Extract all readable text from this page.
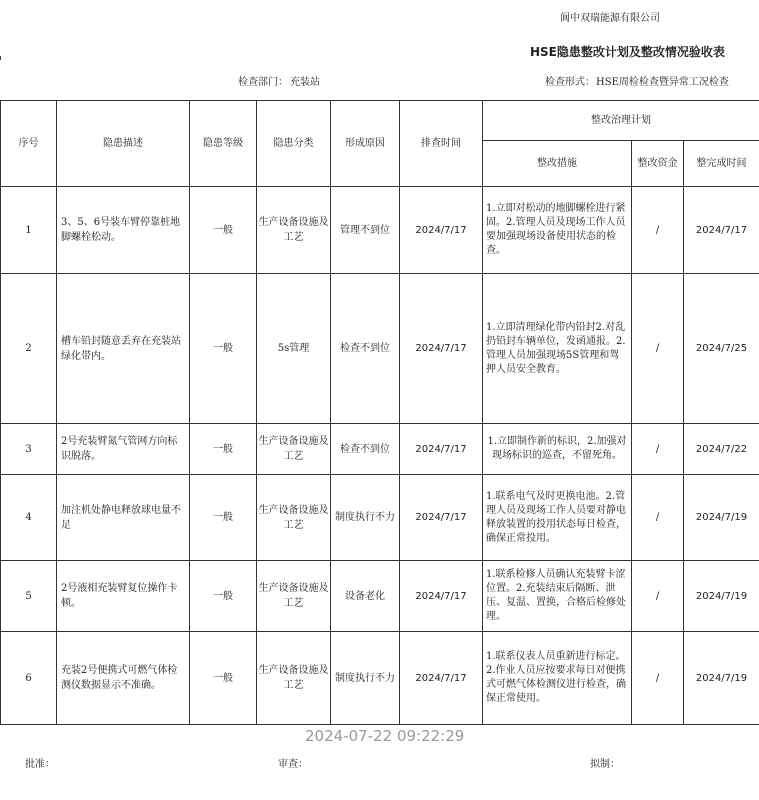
阆中双瑞能源有限公司
HSE隐患整改计划及整改情况验收表
检查部门： 充装站	检查形式： HSE周检检查暨异常工况检查
序号	隐患描述	隐患等级	隐患分类	形成原因	排查时间	整改治理计划		
						整改措施	整改资金	整完成时间
1	3、5、6号装车臂停靠桩地脚螺栓松动。	一般	生产设备设施及工艺	管理不到位	2024/7/17	1.立即对松动的地脚螺栓进行紧固。2.管理人员及现场工作人员要加强现场设备使用状态的检查。	/	2024/7/17
2	槽车铅封随意丢弃在充装站绿化带内。	一般	5s管理	检查不到位	2024/7/17	1.立即清理绿化带内铅封2.对乱扔铅封车辆单位，发函通报。2.管理人员加强现场5S管理和驾押人员安全教育。	/	2024/7/25
3	2号充装臂氮气管网方向标识脱落。	一般	生产设备设施及工艺	检查不到位	2024/7/17	1.立即制作新的标识，2.加强对现场标识的巡查，不留死角。	/	2024/7/22
4	加注机处静电释放球电量不足	一般	生产设备设施及工艺	制度执行不力	2024/7/17	1.联系电气及时更换电池。2.管理人员及现场工作人员要对静电释放装置的投用状态每日检查，确保正常投用。	/	2024/7/19
5	2号液相充装臂复位操作卡顿。	一般	生产设备设施及工艺	设备老化	2024/7/17	1.联系检修人员确认充装臂卡涩位置。2.充装结束后隔断、泄压、复温、置换，合格后检修处理。	/	2024/7/19
6	充装2号便携式可燃气体检测仪数据显示不准确。	一般	生产设备设施及工艺	制度执行不力	2024/7/17	1.联系仪表人员重新进行标定。2.作业人员应按要求每日对便携式可燃气体检测仪进行检查，确保正常使用。	/	2024/7/19
2024-07-22 09:22:29
批准：	审查：	拟制：
